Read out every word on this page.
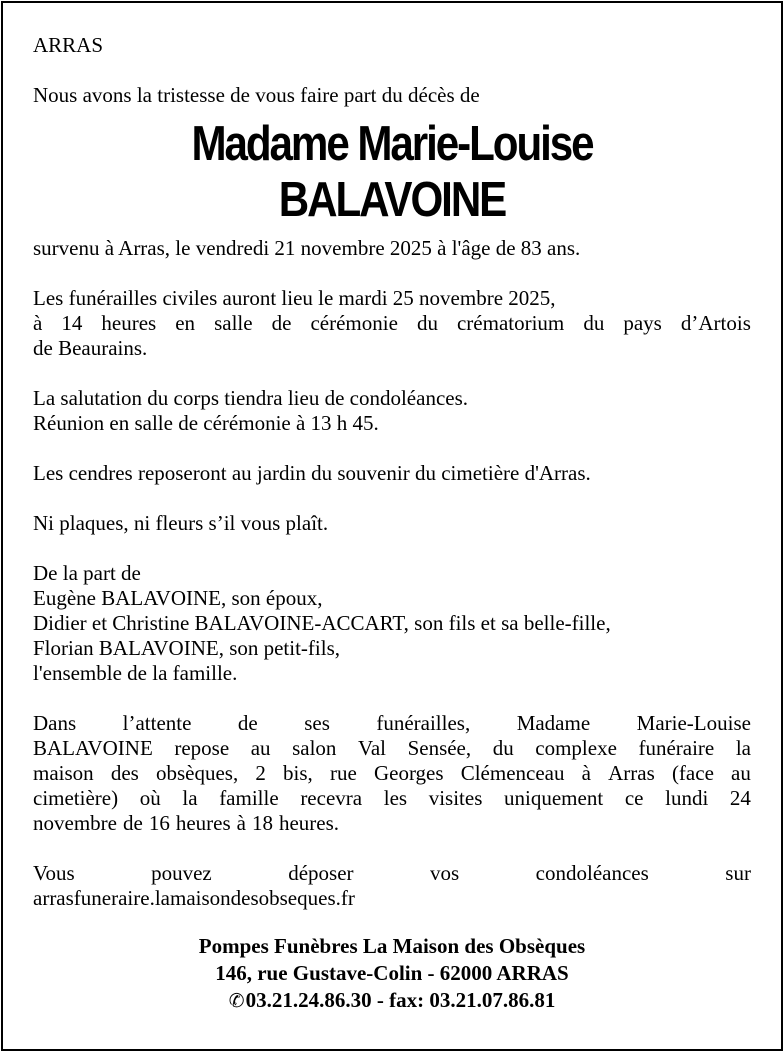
ARRAS
Nous avons la tristesse de vous faire part du décès de
Madame Marie-Louise
BALAVOINE
survenu à Arras, le vendredi 21 novembre 2025 à l'âge de 83 ans.
Les funérailles civiles auront lieu le mardi 25 novembre 2025,
à 14 heures en salle de cérémonie du crématorium du pays d’Artois
de Beaurains.
La salutation du corps tiendra lieu de condoléances.
Réunion en salle de cérémonie à 13 h 45.
Les cendres reposeront au jardin du souvenir du cimetière d'Arras.
Ni plaques, ni fleurs s’il vous plaît.
De la part de
Eugène BALAVOINE, son époux,
Didier et Christine BALAVOINE-ACCART, son fils et sa belle-fille,
Florian BALAVOINE, son petit-fils,
l'ensemble de la famille.
Dans l’attente de ses funérailles, Madame Marie-Louise
BALAVOINE repose au salon Val Sensée, du complexe funéraire la
maison des obsèques, 2 bis, rue Georges Clémenceau à Arras (face au
cimetière) où la famille recevra les visites uniquement ce lundi 24
novembre de 16 heures à 18 heures.
Vous	pouvez	déposer	vos	condoléances	sur
arrasfuneraire.lamaisondesobseques.fr
Pompes Funèbres La Maison des Obsèques
146, rue Gustave-Colin - 62000 ARRAS
✆03.21.24.86.30 - fax: 03.21.07.86.81
